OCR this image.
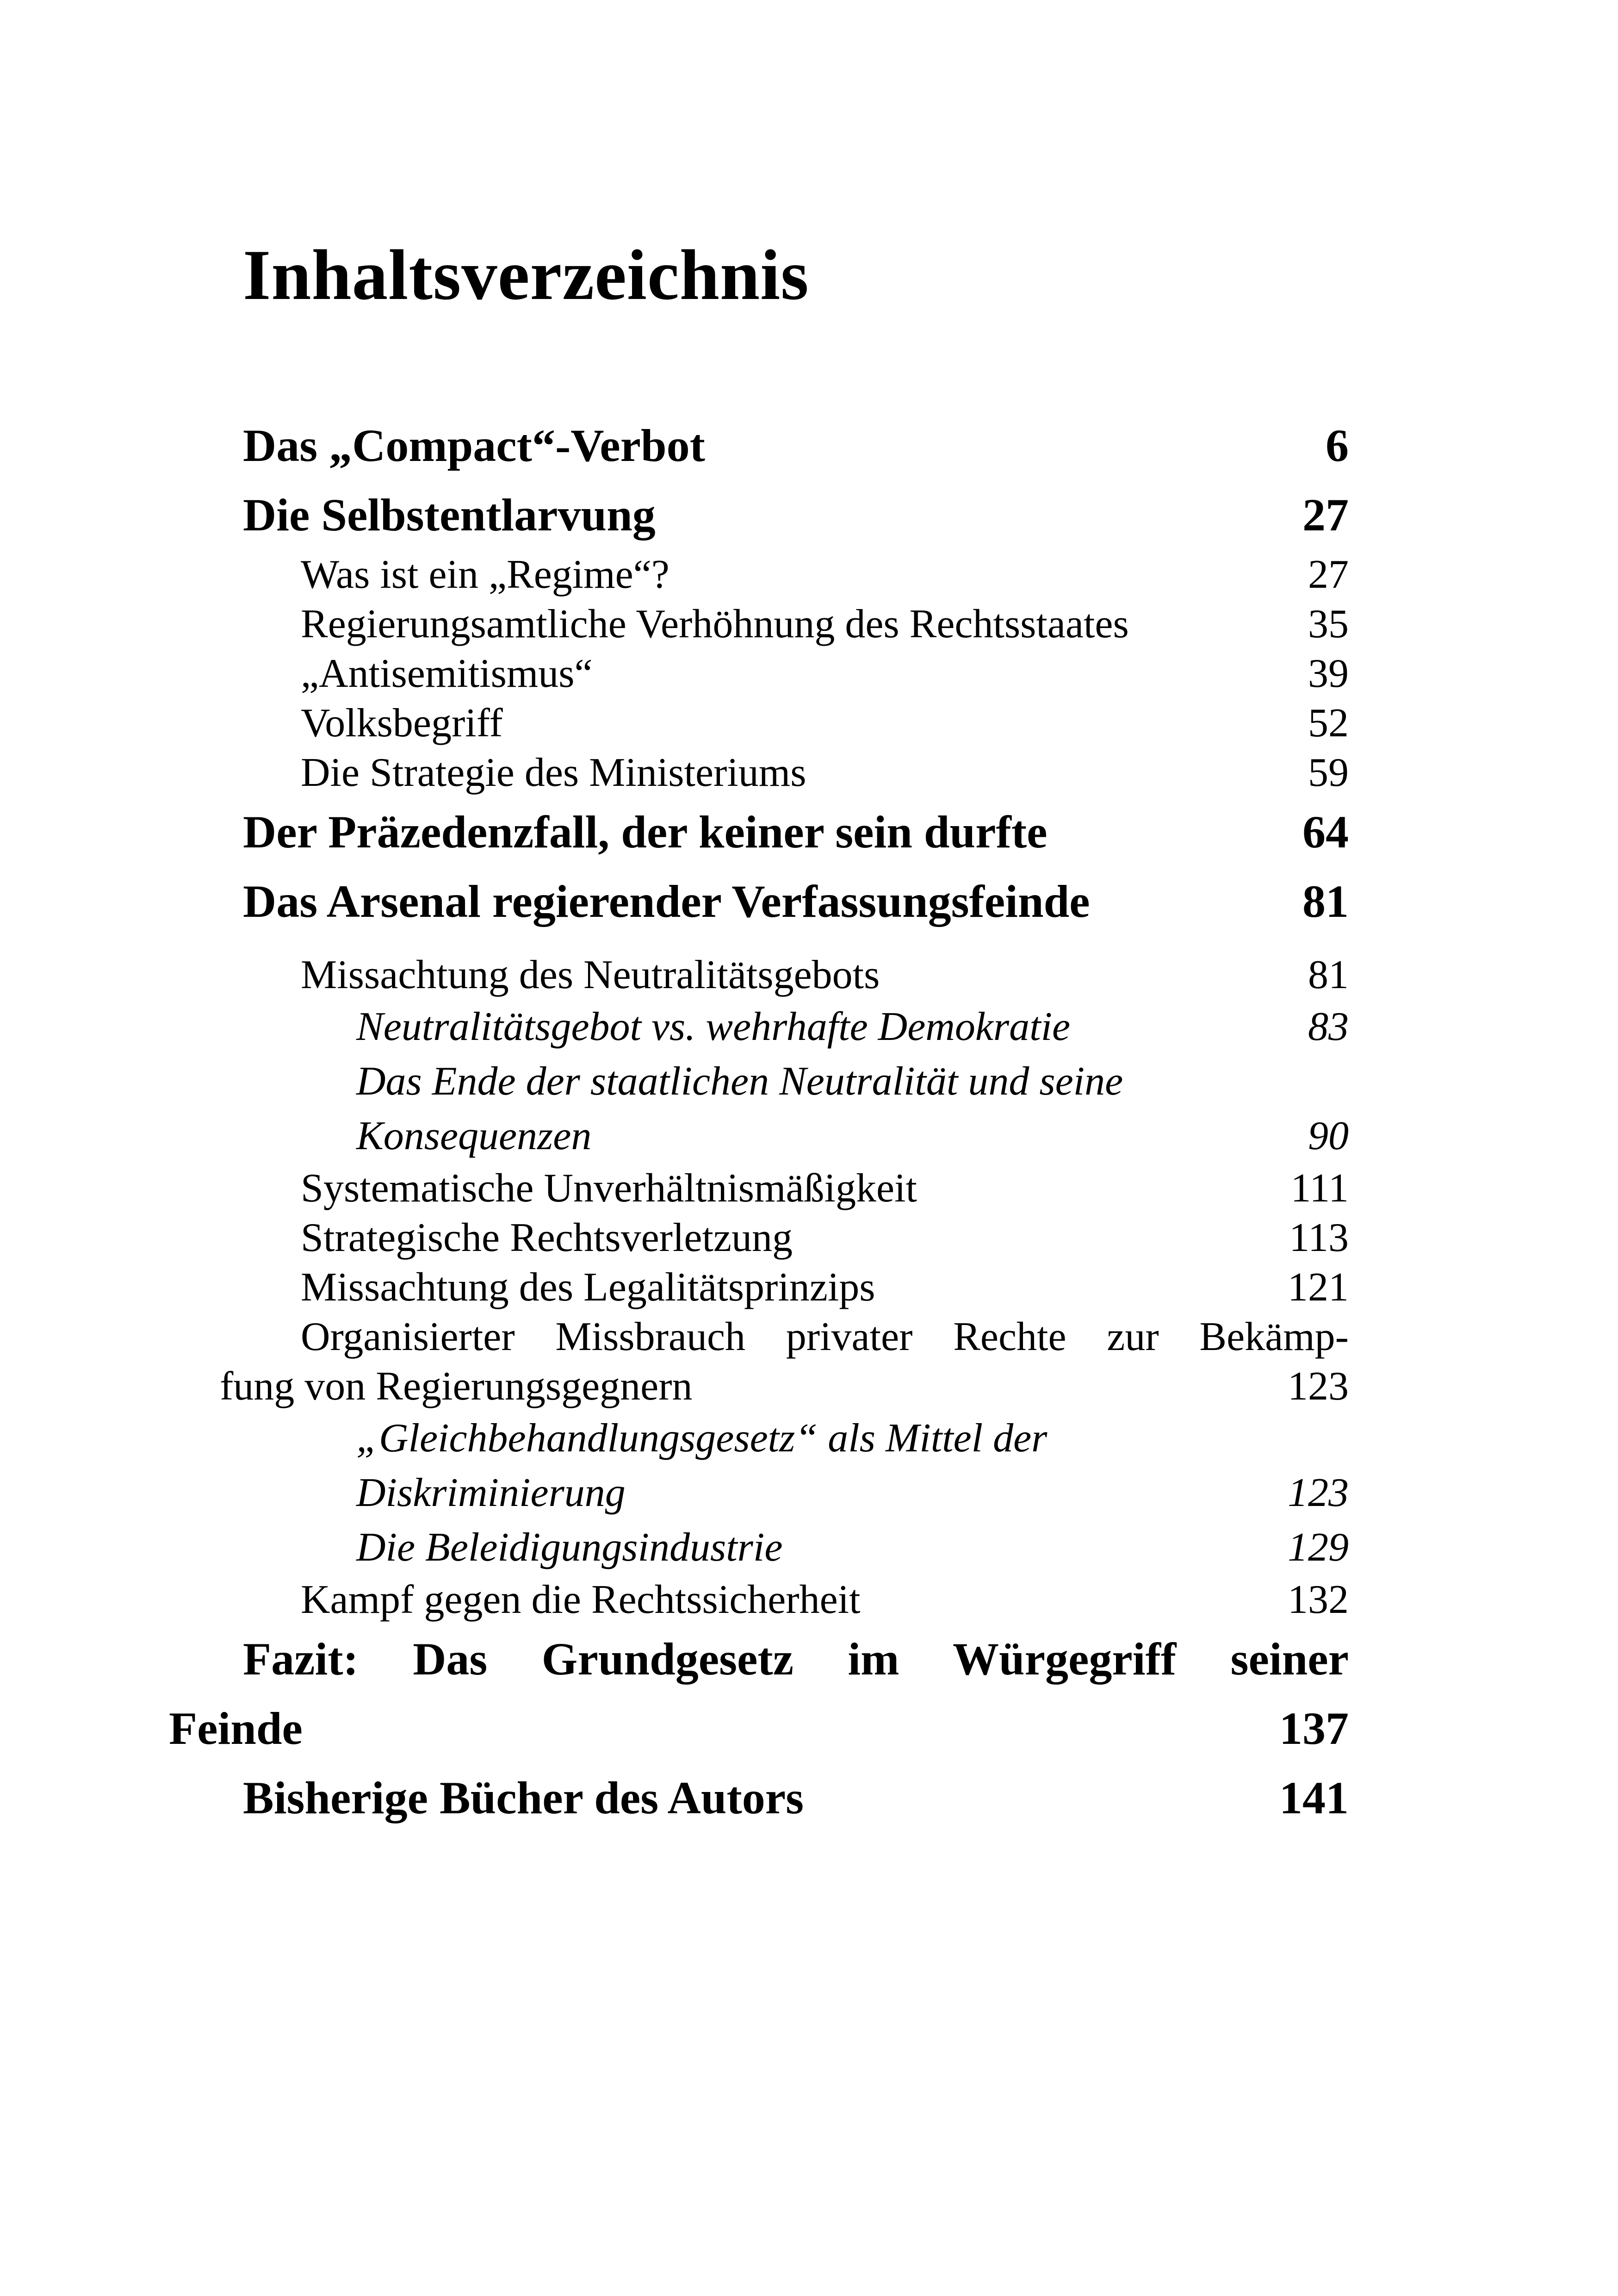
Inhaltsverzeichnis
Das „Compact“-Verbot	6
Die Selbstentlarvung	27
Was ist ein „Regime“?	27
Regierungsamtliche Verhöhnung des Rechtsstaates	35
„Antisemitismus“	39
Volksbegriff	52
Die Strategie des Ministeriums	59
Der Präzedenzfall, der keiner sein durfte	64
Das Arsenal regierender Verfassungsfeinde	81
Missachtung des Neutralitätsgebots	81
Neutralitätsgebot vs. wehrhafte Demokratie	83
Das Ende der staatlichen Neutralität und seine
Konsequenzen	90
Systematische Unverhältnismäßigkeit	111
Strategische Rechtsverletzung	113
Missachtung des Legalitätsprinzips	121
Organisierter Missbrauch privater Rechte zur Bekämp-
fung von Regierungsgegnern	123
„Gleichbehandlungsgesetz“ als Mittel der
Diskriminierung	123
Die Beleidigungsindustrie	129
Kampf gegen die Rechtssicherheit	132
Fazit: Das Grundgesetz im Würgegriff seiner
Feinde	137
Bisherige Bücher des Autors	141
